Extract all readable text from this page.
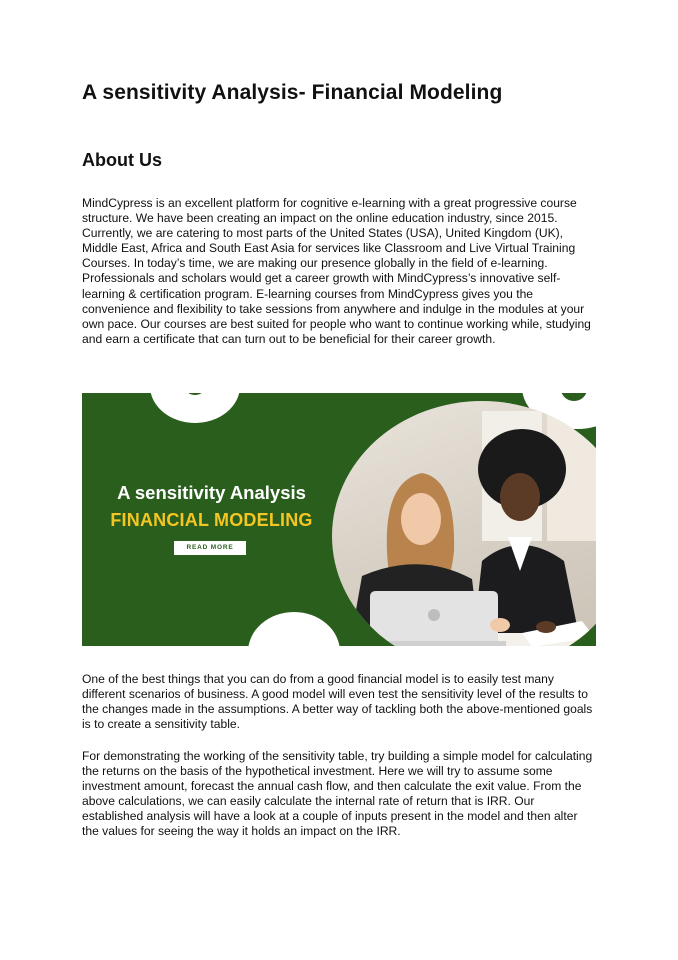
A sensitivity Analysis- Financial Modeling
About Us

MindCypress is an excellent platform for cognitive e-learning with a great progressive course structure. We have been creating an impact on the online education industry, since 2015. Currently, we are catering to most parts of the United States (USA), United Kingdom (UK), Middle East, Africa and South East Asia for services like Classroom and Live Virtual Training Courses. In today’s time, we are making our presence globally in the field of e-learning. Professionals and scholars would get a career growth with MindCypress’s innovative self-learning & certification program. E-learning courses from MindCypress gives you the convenience and flexibility to take sessions from anywhere and indulge in the modules at your own pace. Our courses are best suited for people who want to continue working while, studying and earn a certificate that can turn out to be beneficial for their career growth.

A sensitivity Analysis
FINANCIAL MODELING
READ MORE

One of the best things that you can do from a good financial model is to easily test many different scenarios of business. A good model will even test the sensitivity level of the results to the changes made in the assumptions. A better way of tackling both the above-mentioned goals is to create a sensitivity table.

For demonstrating the working of the sensitivity table, try building a simple model for calculating the returns on the basis of the hypothetical investment. Here we will try to assume some investment amount, forecast the annual cash flow, and then calculate the exit value. From the above calculations, we can easily calculate the internal rate of return that is IRR. Our established analysis will have a look at a couple of inputs present in the model and then alter the values for seeing the way it holds an impact on the IRR.
